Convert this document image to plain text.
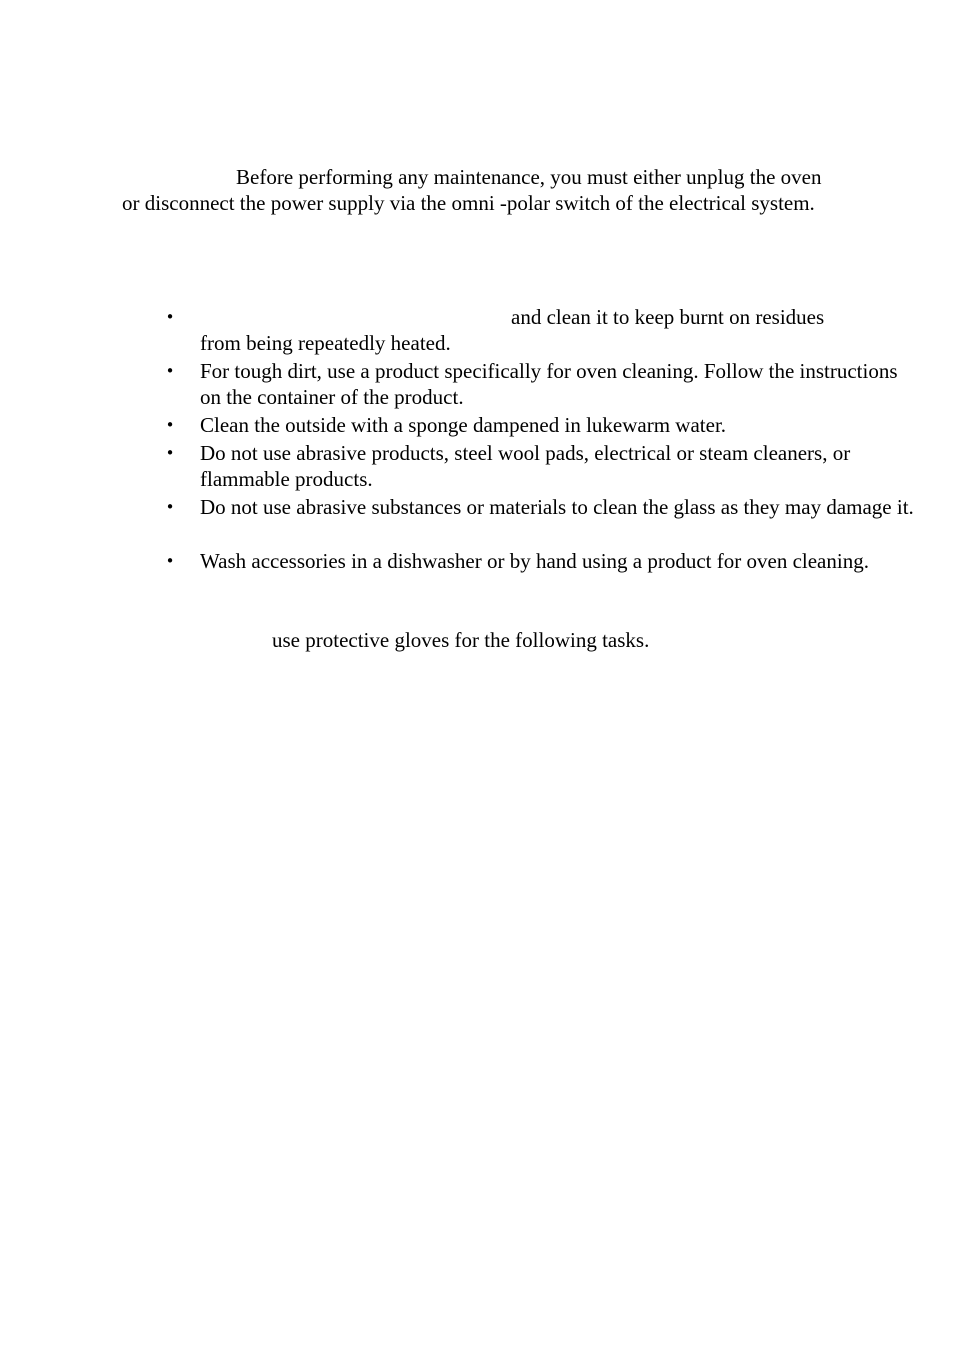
Before performing any maintenance, you must either unplug the oven
or disconnect the power supply via the omni -polar switch of the electrical system.
•	and clean it to keep burnt on residues
from being repeatedly heated.
• For tough dirt, use a product specifically for oven cleaning. Follow the instructions on the container of the product.
• Clean the outside with a sponge dampened in lukewarm water.
• Do not use abrasive products, steel wool pads, electrical or steam cleaners, or flammable products.
• Do not use abrasive substances or materials to clean the glass as they may damage it.
• Wash accessories in a dishwasher or by hand using a product for oven cleaning.
use protective gloves for the following tasks.
